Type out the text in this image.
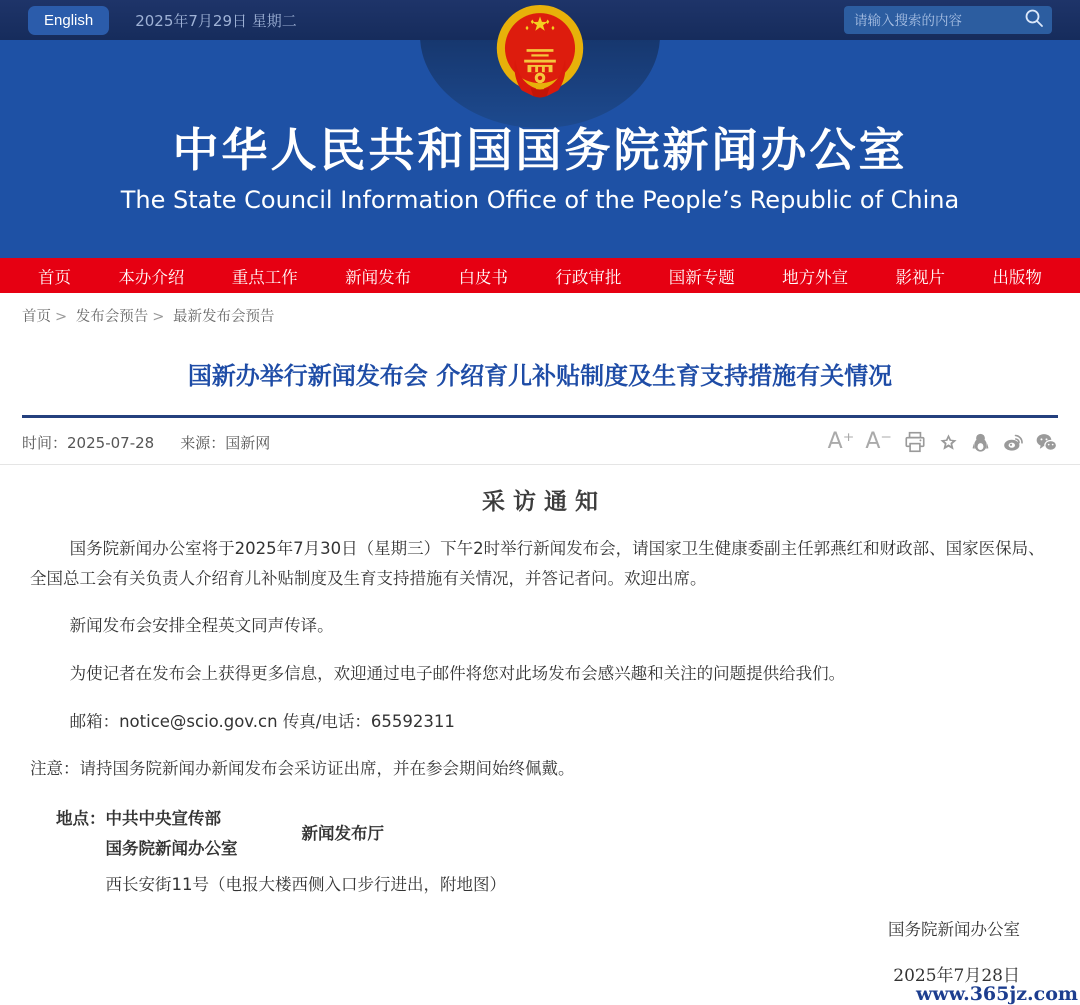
English	2025年7月29日 星期二
请输入搜索的内容
中华人民共和国国务院新闻办公室
The State Council Information Office of the People’s Republic of China
首页	本办介绍	重点工作	新闻发布	白皮书	行政审批	国新专题	地方外宣	影视片	出版物
首页 > 发布会预告 > 最新发布会预告
国新办举行新闻发布会 介绍育儿补贴制度及生育支持措施有关情况
时间：2025-07-28 来源：国新网	A⁺ A⁻
采 访 通 知

国务院新闻办公室将于2025年7月30日（星期三）下午2时举行新闻发布会，请国家卫生健康委副主任郭燕红和财政部、国家医保局、全国总工会有关负责人介绍育儿补贴制度及生育支持措施有关情况，并答记者问。欢迎出席。

新闻发布会安排全程英文同声传译。

为使记者在发布会上获得更多信息，欢迎通过电子邮件将您对此场发布会感兴趣和关注的问题提供给我们。

邮箱：notice@scio.gov.cn 传真/电话：65592311

注意：请持国务院新闻办新闻发布会采访证出席，并在参会期间始终佩戴。

地点：中共中央宣传部
国务院新闻办公室
新闻发布厅
西长安街11号（电报大楼西侧入口步行进出，附地图）
国务院新闻办公室
2025年7月28日
www.365jz.com
